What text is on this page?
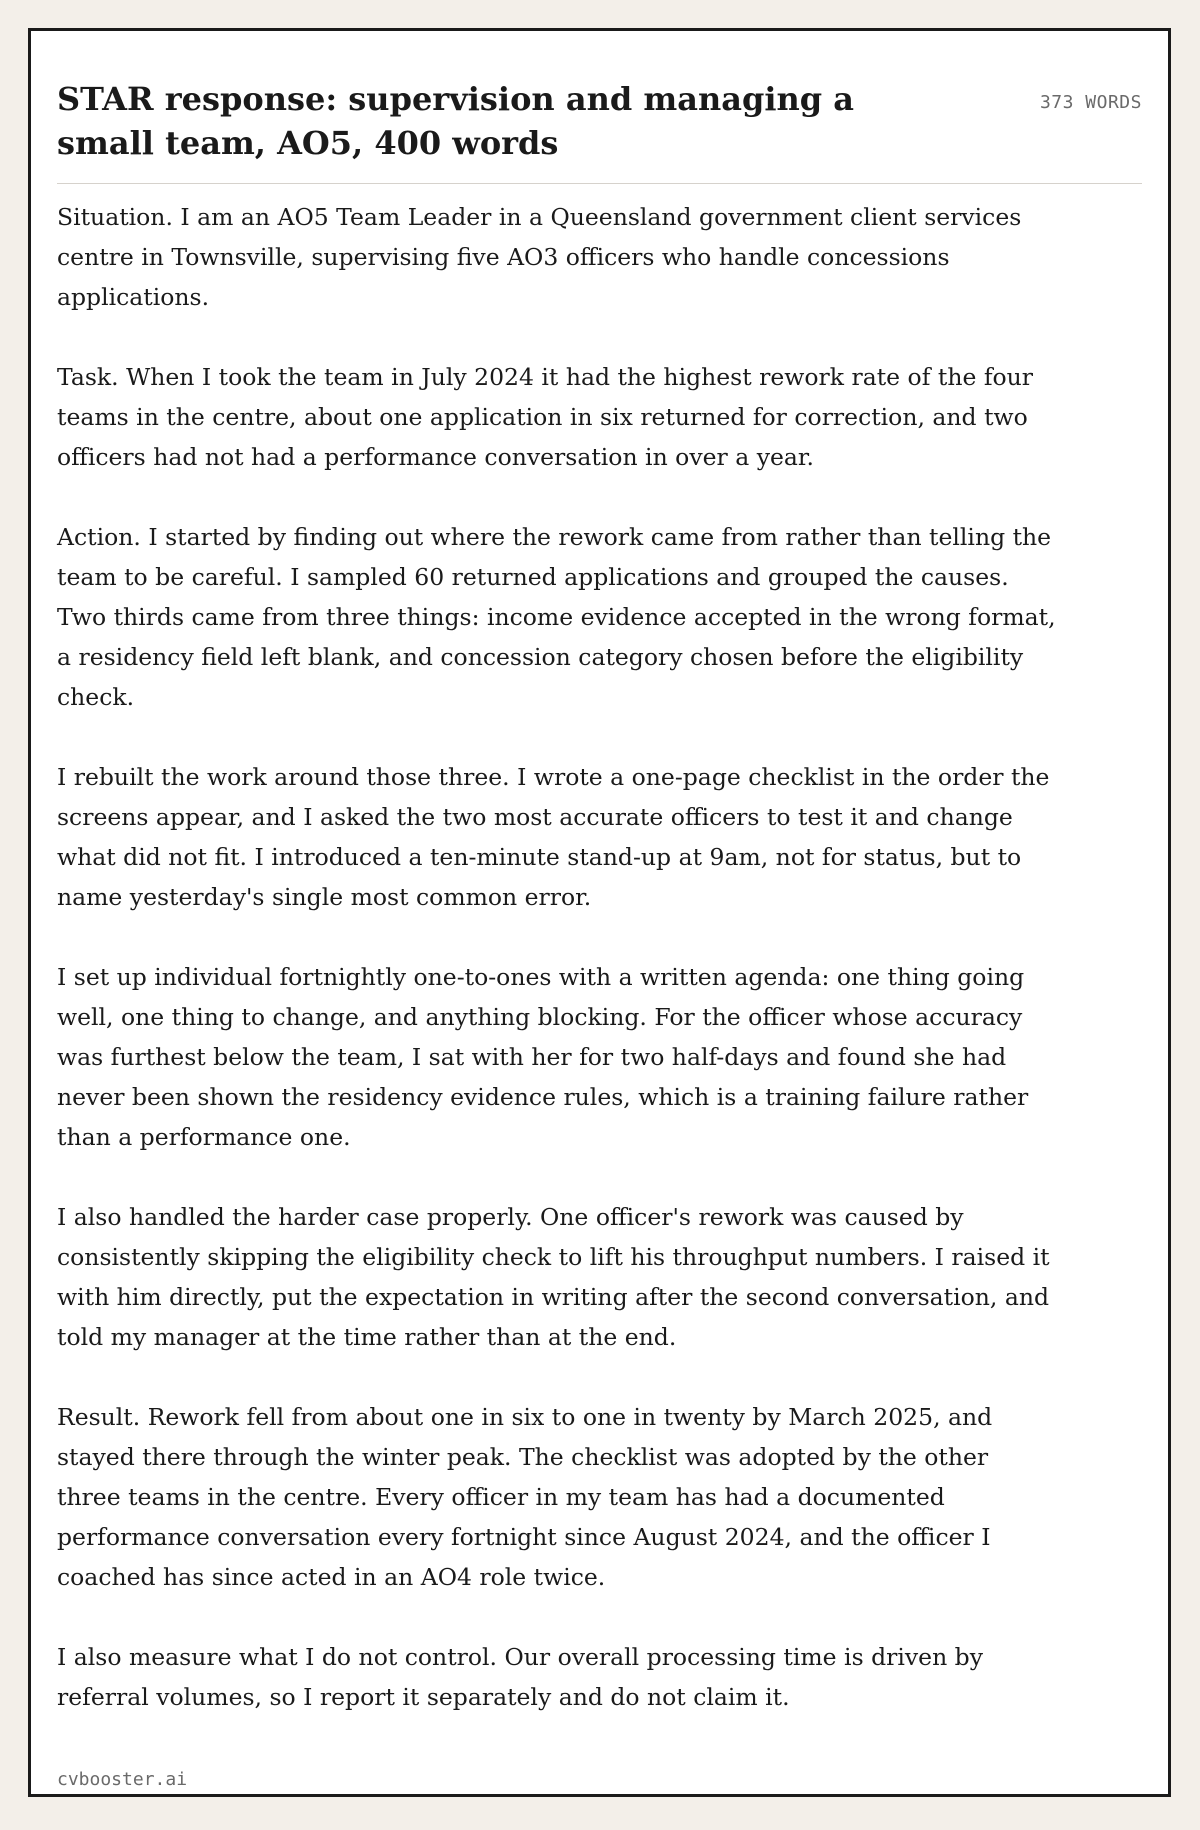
STAR response: supervision and managing a small team, AO5, 400 words
373 WORDS

Situation. I am an AO5 Team Leader in a Queensland government client services centre in Townsville, supervising five AO3 officers who handle concessions applications.

Task. When I took the team in July 2024 it had the highest rework rate of the four teams in the centre, about one application in six returned for correction, and two officers had not had a performance conversation in over a year.

Action. I started by finding out where the rework came from rather than telling the team to be careful. I sampled 60 returned applications and grouped the causes. Two thirds came from three things: income evidence accepted in the wrong format, a residency field left blank, and concession category chosen before the eligibility check.

I rebuilt the work around those three. I wrote a one-page checklist in the order the screens appear, and I asked the two most accurate officers to test it and change what did not fit. I introduced a ten-minute stand-up at 9am, not for status, but to name yesterday's single most common error.

I set up individual fortnightly one-to-ones with a written agenda: one thing going well, one thing to change, and anything blocking. For the officer whose accuracy was furthest below the team, I sat with her for two half-days and found she had never been shown the residency evidence rules, which is a training failure rather than a performance one.

I also handled the harder case properly. One officer's rework was caused by consistently skipping the eligibility check to lift his throughput numbers. I raised it with him directly, put the expectation in writing after the second conversation, and told my manager at the time rather than at the end.

Result. Rework fell from about one in six to one in twenty by March 2025, and stayed there through the winter peak. The checklist was adopted by the other three teams in the centre. Every officer in my team has had a documented performance conversation every fortnight since August 2024, and the officer I coached has since acted in an AO4 role twice.

I also measure what I do not control. Our overall processing time is driven by referral volumes, so I report it separately and do not claim it.

cvbooster.ai
